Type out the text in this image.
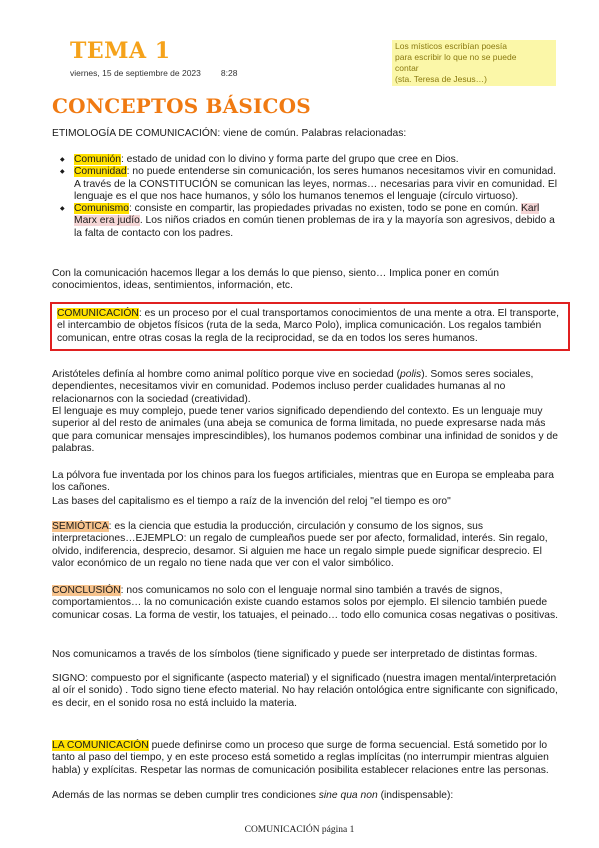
TEMA 1
viernes, 15 de septiembre de 2023 8:28
Los místicos escribían poesía
para escribir lo que no se puede
contar
(sta. Teresa de Jesus…)
CONCEPTOS BÁSICOS
ETIMOLOGÍA DE COMUNICACIÓN: viene de común. Palabras relacionadas:
◆ Comunión: estado de unidad con lo divino y forma parte del grupo que cree en Dios.
◆ Comunidad: no puede entenderse sin comunicación, los seres humanos necesitamos vivir en comunidad. A través de la CONSTITUCIÓN se comunican las leyes, normas… necesarias para vivir en comunidad. El lenguaje es el que nos hace humanos, y sólo los humanos tenemos el lenguaje (círculo virtuoso).
◆ Comunismo: consiste en compartir, las propiedades privadas no existen, todo se pone en común. Karl Marx era judío. Los niños criados en común tienen problemas de ira y la mayoría son agresivos, debido a la falta de contacto con los padres.
Con la comunicación hacemos llegar a los demás lo que pienso, siento… Implica poner en común conocimientos, ideas, sentimientos, información, etc.
COMUNICACIÓN: es un proceso por el cual transportamos conocimientos de una mente a otra. El transporte, el intercambio de objetos físicos (ruta de la seda, Marco Polo), implica comunicación. Los regalos también comunican, entre otras cosas la regla de la reciprocidad, se da en todos los seres humanos.
Aristóteles definía al hombre como animal político porque vive en sociedad (polis). Somos seres sociales, dependientes, necesitamos vivir en comunidad. Podemos incluso perder cualidades humanas al no relacionarnos con la sociedad (creatividad).
El lenguaje es muy complejo, puede tener varios significado dependiendo del contexto. Es un lenguaje muy superior al del resto de animales (una abeja se comunica de forma limitada, no puede expresarse nada más que para comunicar mensajes imprescindibles), los humanos podemos combinar una infinidad de sonidos y de palabras.
La pólvora fue inventada por los chinos para los fuegos artificiales, mientras que en Europa se empleaba para los cañones.
Las bases del capitalismo es el tiempo a raíz de la invención del reloj "el tiempo es oro"
SEMIÓTICA: es la ciencia que estudia la producción, circulación y consumo de los signos, sus interpretaciones…EJEMPLO: un regalo de cumpleaños puede ser por afecto, formalidad, interés. Sin regalo, olvido, indiferencia, desprecio, desamor. Si alguien me hace un regalo simple puede significar desprecio. El valor económico de un regalo no tiene nada que ver con el valor simbólico.
CONCLUSIÓN: nos comunicamos no solo con el lenguaje normal sino también a través de signos, comportamientos… la no comunicación existe cuando estamos solos por ejemplo. El silencio también puede comunicar cosas. La forma de vestir, los tatuajes, el peinado… todo ello comunica cosas negativas o positivas.
Nos comunicamos a través de los símbolos (tiene significado y puede ser interpretado de distintas formas.
SIGNO: compuesto por el significante (aspecto material) y el significado (nuestra imagen mental/interpretación al oír el sonido) . Todo signo tiene efecto material. No hay relación ontológica entre significante con significado, es decir, en el sonido rosa no está incluido la materia.
LA COMUNICACIÓN puede definirse como un proceso que surge de forma secuencial. Está sometido por lo tanto al paso del tiempo, y en este proceso está sometido a reglas implícitas (no interrumpir mientras alguien habla) y explícitas. Respetar las normas de comunicación posibilita establecer relaciones entre las personas.
Además de las normas se deben cumplir tres condiciones sine qua non (indispensable):
COMUNICACIÓN página 1
